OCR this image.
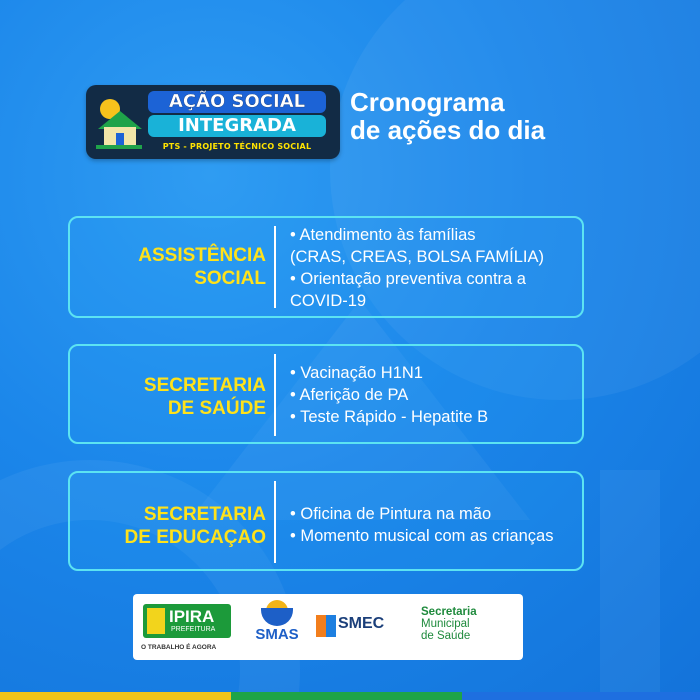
AÇÃO SOCIAL
INTEGRADA
PTS - PROJETO TÉCNICO SOCIAL
Cronograma
de ações do dia
ASSISTÊNCIA
SOCIAL
• Atendimento às famílias
(CRAS, CREAS, BOLSA FAMÍLIA)
• Orientação preventiva contra a
COVID-19
SECRETARIA
DE SAÚDE
• Vacinação H1N1
• Aferição de PA
• Teste Rápido - Hepatite B
SECRETARIA
DE EDUCAÇAO
• Oficina de Pintura na mão
• Momento musical com as crianças
IPIRA
PREFEITURA
O TRABALHO É AGORA
SMAS
SMEC
Secretaria
Municipal
de Saúde
